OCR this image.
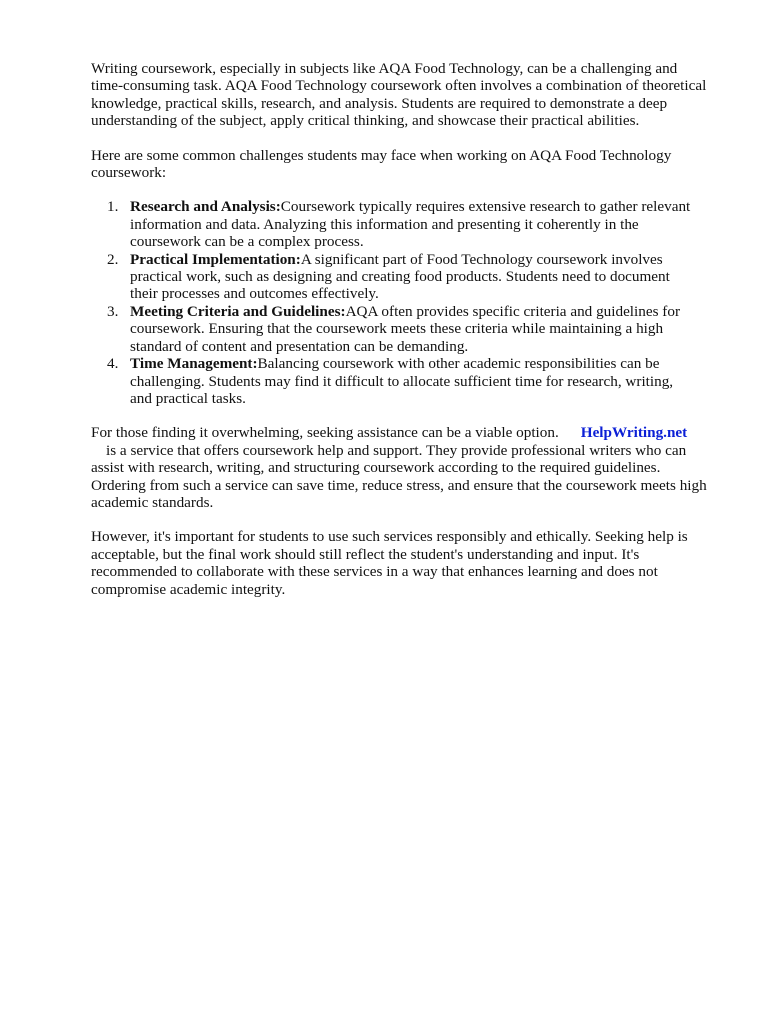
Writing coursework, especially in subjects like AQA Food Technology, can be a challenging and
time-consuming task. AQA Food Technology coursework often involves a combination of theoretical
knowledge, practical skills, research, and analysis. Students are required to demonstrate a deep
understanding of the subject, apply critical thinking, and showcase their practical abilities.

Here are some common challenges students may face when working on AQA Food Technology
coursework:

1. Research and Analysis:Coursework typically requires extensive research to gather relevant
information and data. Analyzing this information and presenting it coherently in the
coursework can be a complex process.
2. Practical Implementation:A significant part of Food Technology coursework involves
practical work, such as designing and creating food products. Students need to document
their processes and outcomes effectively.
3. Meeting Criteria and Guidelines:AQA often provides specific criteria and guidelines for
coursework. Ensuring that the coursework meets these criteria while maintaining a high
standard of content and presentation can be demanding.
4. Time Management:Balancing coursework with other academic responsibilities can be
challenging. Students may find it difficult to allocate sufficient time for research, writing,
and practical tasks.

For those finding it overwhelming, seeking assistance can be a viable option. HelpWriting.net
is a service that offers coursework help and support. They provide professional writers who can
assist with research, writing, and structuring coursework according to the required guidelines.
Ordering from such a service can save time, reduce stress, and ensure that the coursework meets high
academic standards.

However, it's important for students to use such services responsibly and ethically. Seeking help is
acceptable, but the final work should still reflect the student's understanding and input. It's
recommended to collaborate with these services in a way that enhances learning and does not
compromise academic integrity.
